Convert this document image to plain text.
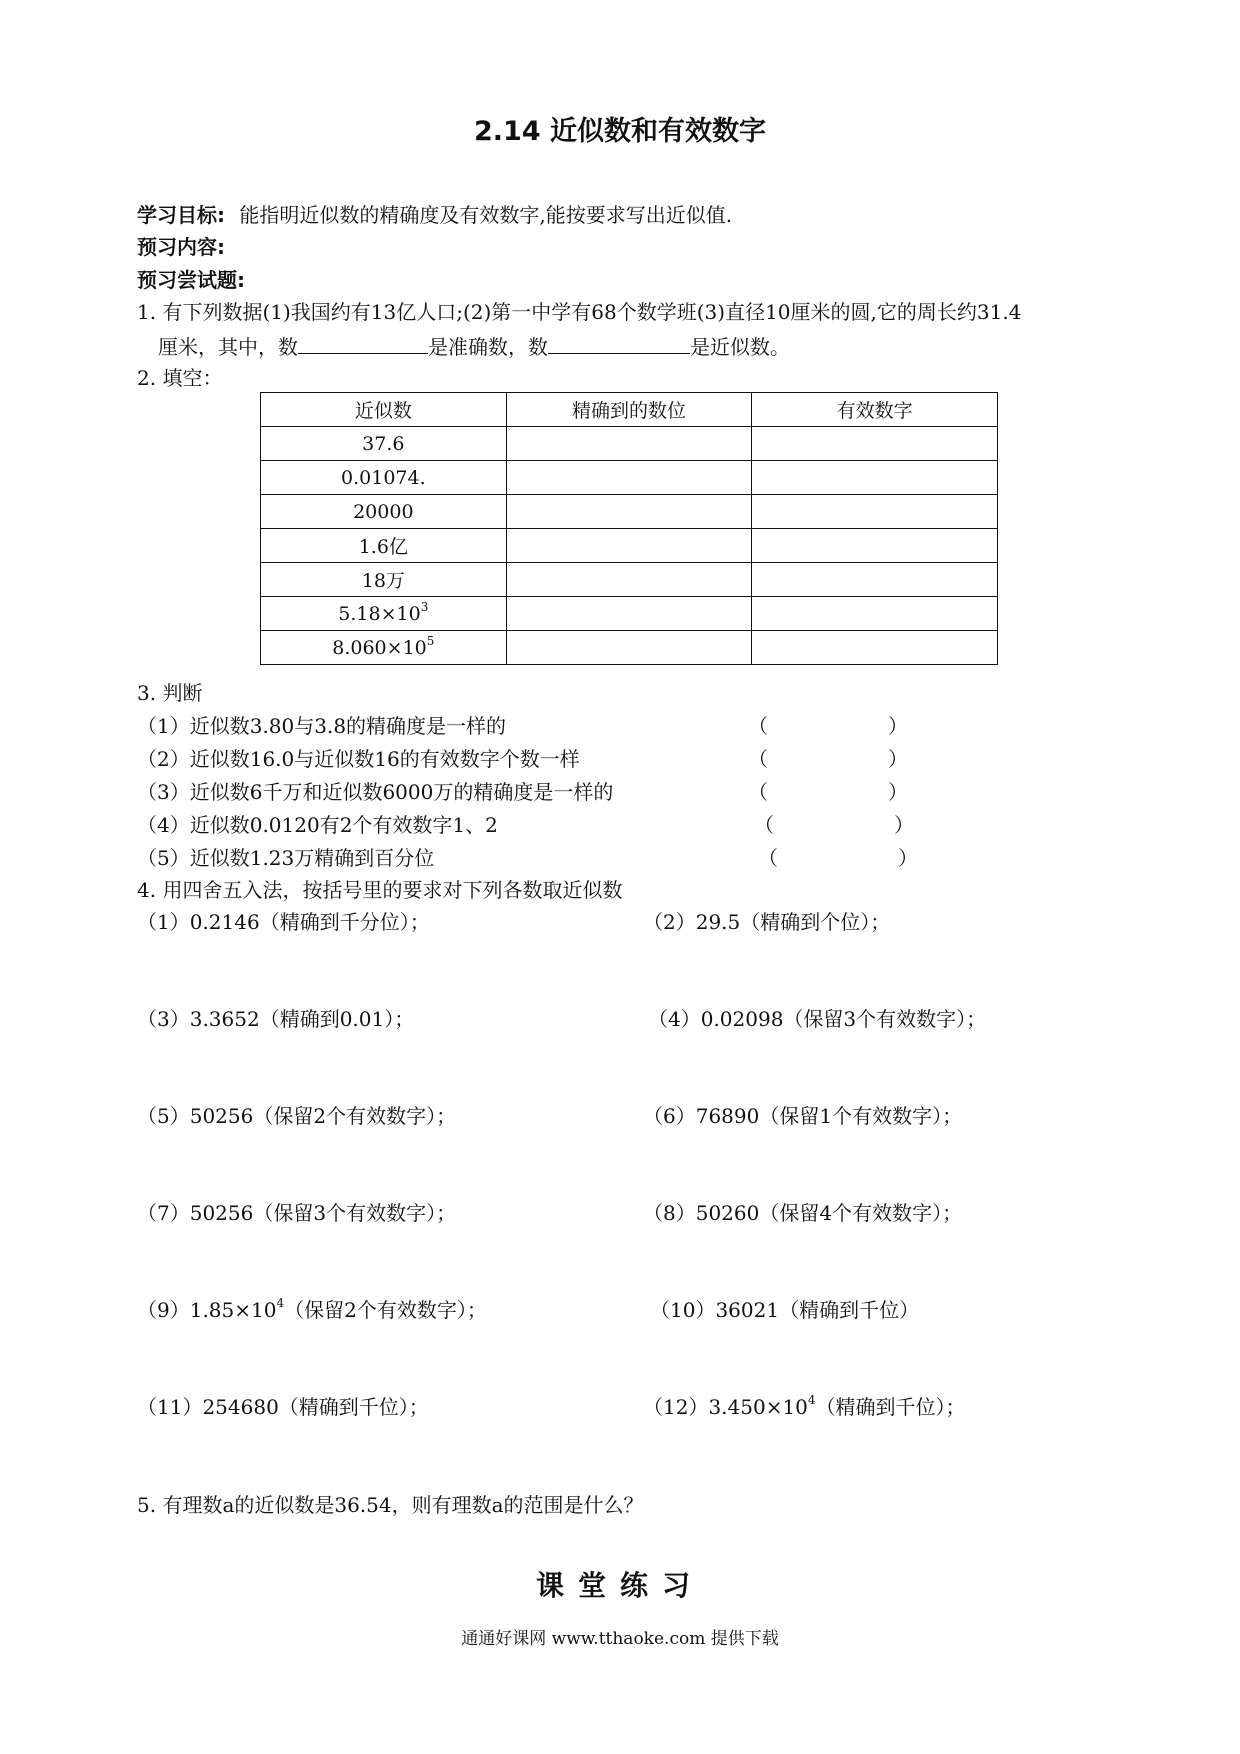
2.14 近似数和有效数字
学习目标: 能指明近似数的精确度及有效数字,能按要求写出近似值.
预习内容:
预习尝试题:
1. 有下列数据(1)我国约有13亿人口;(2)第一中学有68个数学班(3)直径10厘米的圆,它的周长约31.4
厘米，其中，数	是准确数，数	是近似数。
2. 填空：
近似数	精确到的数位	有效数字
37.6		
0.01074.		
20000		
1.6亿		
18万		
$5.18\times 10^3$		
$8.060\times 10^5$		
3. 判断
（1）近似数3.80与3.8的精确度是一样的	（	）
（2）近似数16.0与近似数16的有效数字个数一样	（	）
（3）近似数6千万和近似数6000万的精确度是一样的	（	）
（4）近似数0.0120有2个有效数字1、2	（	）
（5）近似数1.23万精确到百分位	（	）
4. 用四舍五入法，按括号里的要求对下列各数取近似数
（1）0.2146（精确到千分位）；	（2）29.5（精确到个位）；
（3）3.3652（精确到0.01）；	（4）0.02098（保留3个有效数字）；
（5）50256（保留2个有效数字）；	（6）76890（保留1个有效数字）；
（7）50256（保留3个有效数字）；	（8）50260（保留4个有效数字）；
$(9)1.85\times 10^4$（保留2个有效数字）；	（10）36021（精确到千位）
（11）254680（精确到千位）；	$(12)3.450\times 10^4$（精确到千位）；
5. 有理数a的近似数是36.54，则有理数a的范围是什么？
课堂练习
通通好课网 www.tthaoke.com 提供下载
